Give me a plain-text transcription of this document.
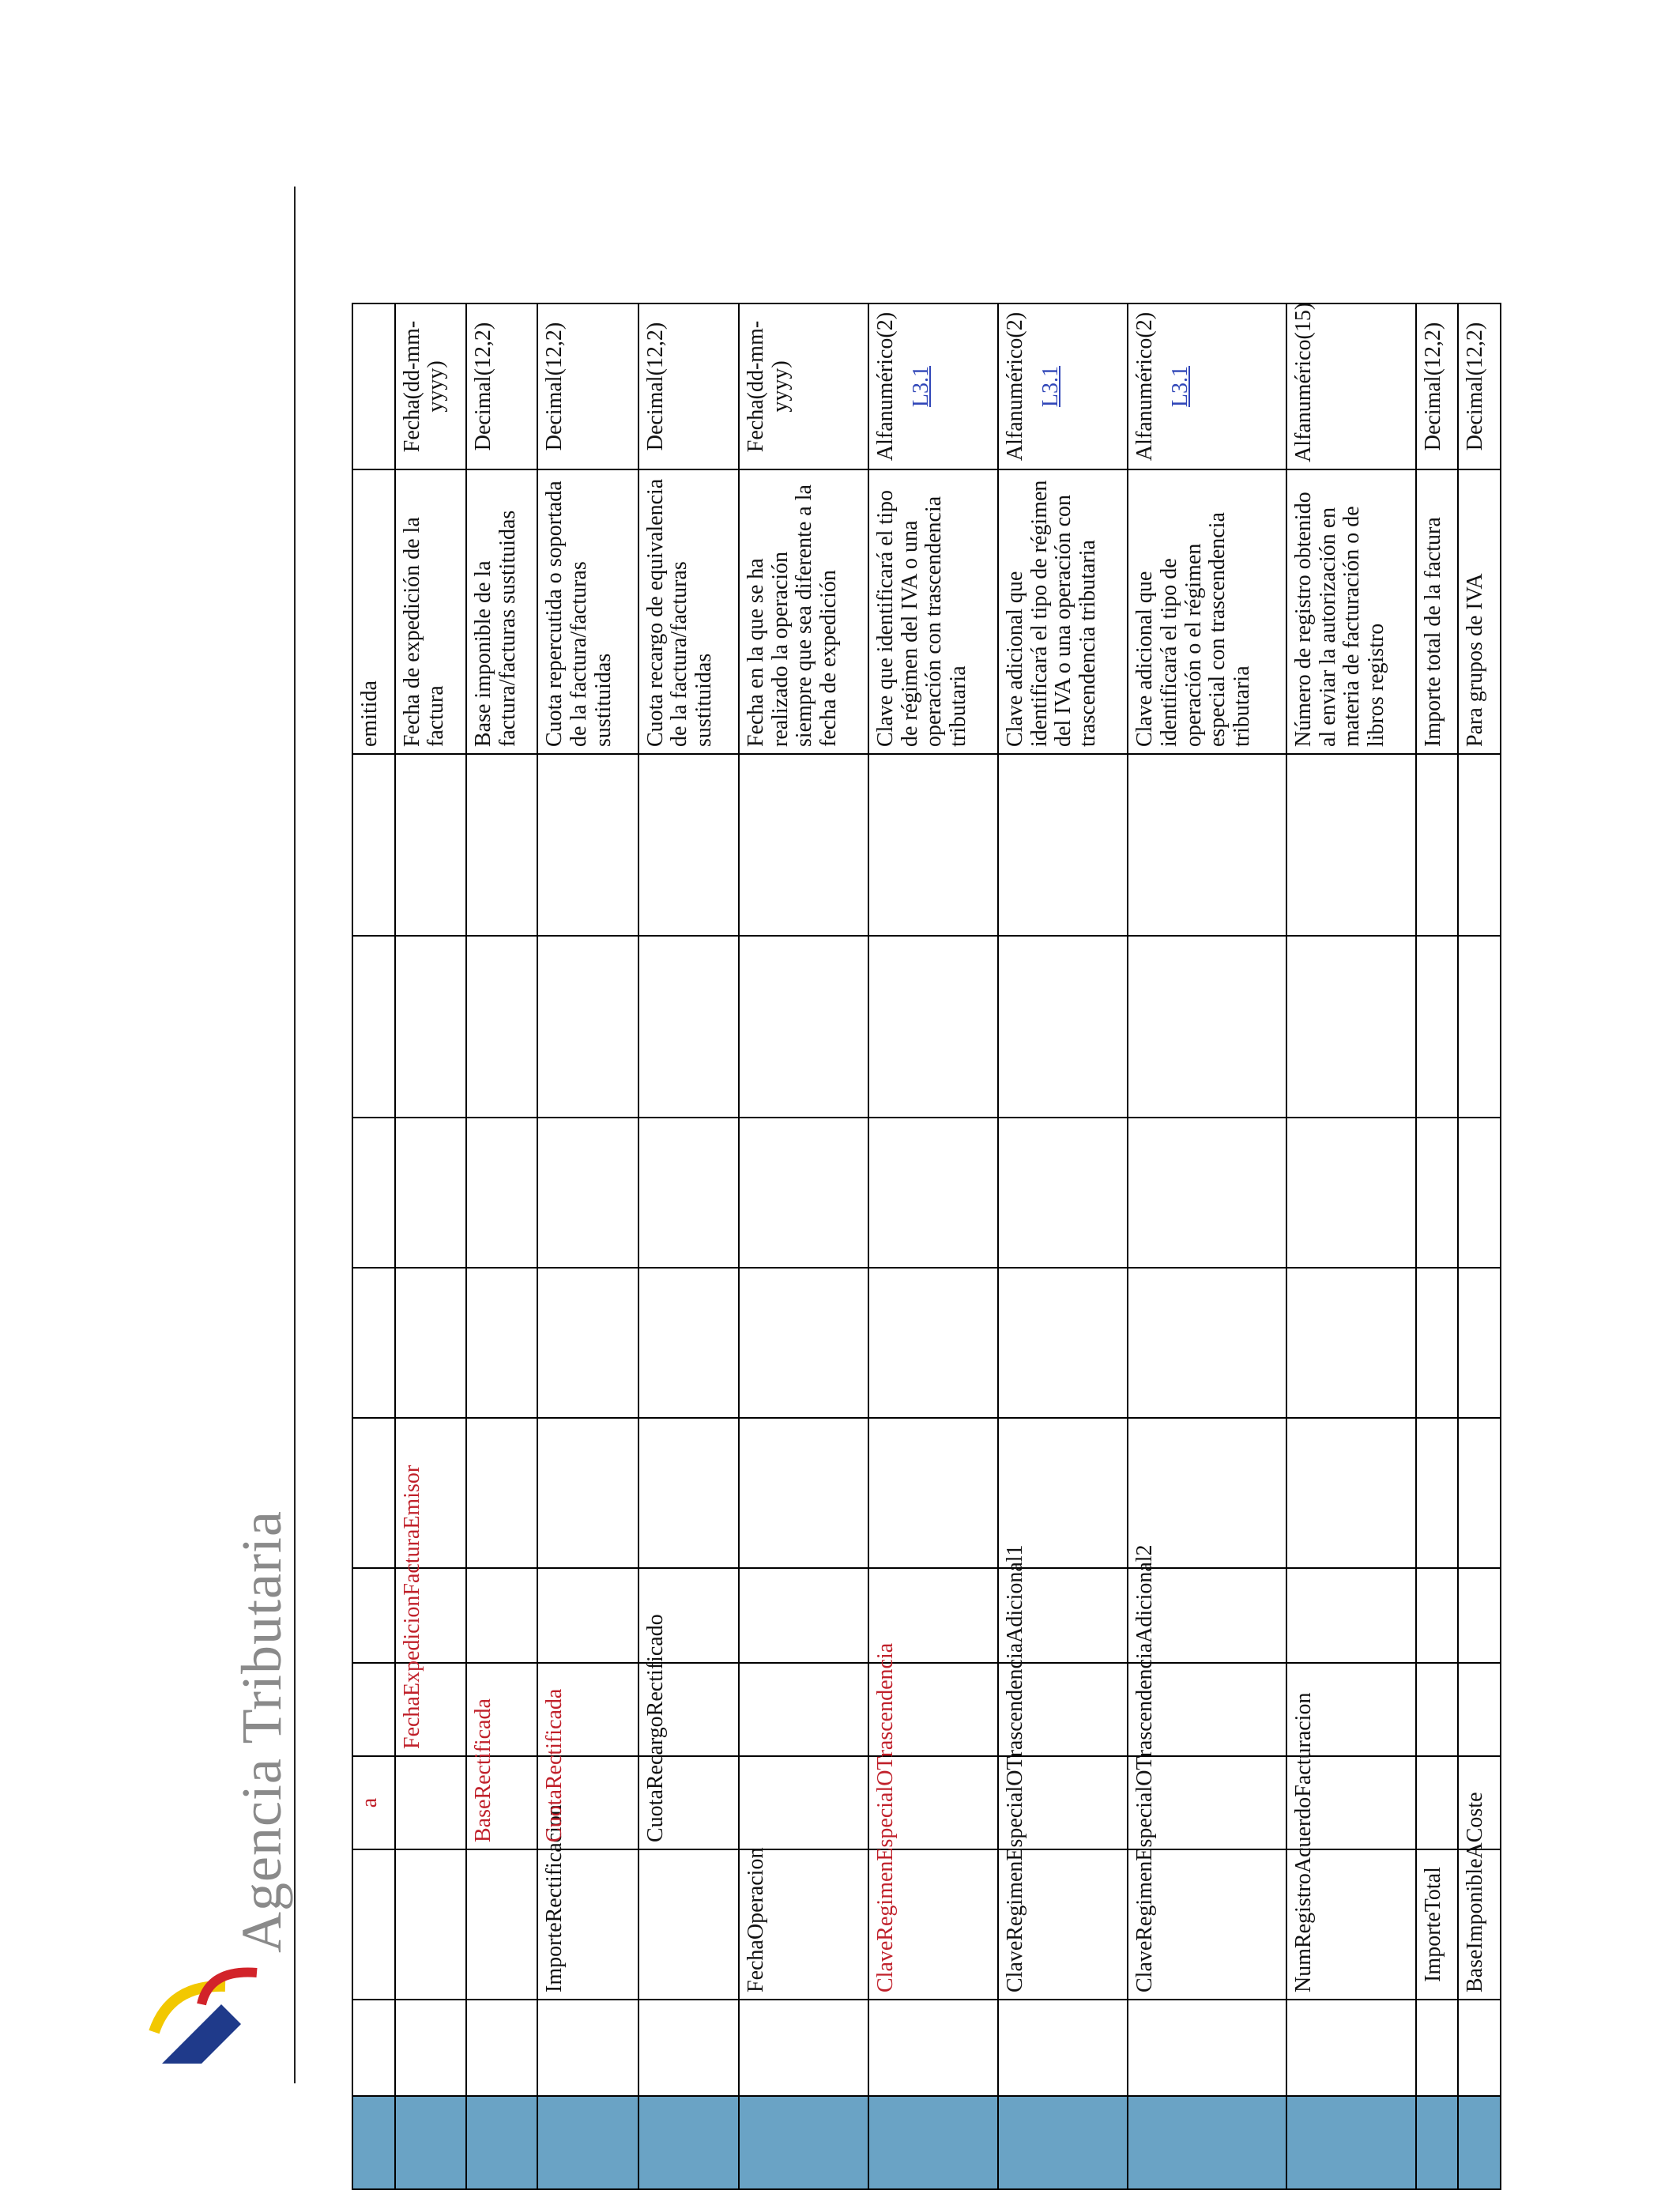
Agencia Tributaria
				a								emitida	
				FechaExpedicionFacturaEmisor							Fecha de expedición de la factura	Fecha(dd-mm-yyyy)
			BaseRectificada								Base imponible de la factura/facturas sustituidas	Decimal(12,2)
		ImporteRectificacion	CuotaRectificada								Cuota repercutida o soportada de la factura/facturas sustituidas	Decimal(12,2)
			CuotaRecargoRectificado								Cuota recargo de equivalencia de la factura/facturas sustituidas	Decimal(12,2)
		FechaOperacion									Fecha en la que se ha realizado la operación siempre que sea diferente a la fecha de expedición	Fecha(dd-mm-yyyy)
		ClaveRegimenEspecialOTrascendencia									Clave que identificará el tipo de régimen del IVA o una operación con trascendencia tributaria	Alfanumérico(2) L3.1

		ClaveRegimenEspecialOTrascendenciaAdicional1									Clave adicional que identificará el tipo de régimen del IVA o una operación con trascendencia tributaria	Alfanumérico(2) L3.1

		ClaveRegimenEspecialOTrascendenciaAdicional2									Clave adicional que identificará el tipo de operación o el régimen especial con trascendencia tributaria	Alfanumérico(2) L3.1

		NumRegistroAcuerdoFacturacion									Número de registro obtenido al enviar la autorización en materia de facturación o de libros registro	Alfanumérico(15)
		ImporteTotal									Importe total de la factura	Decimal(12,2)
		BaseImponibleACoste									Para grupos de IVA	Decimal(12,2)
